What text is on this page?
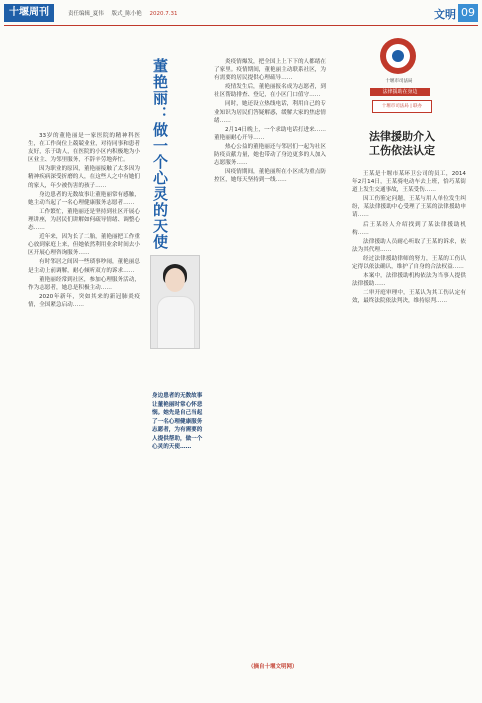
十堰周刊	责任编辑_夏伟 版式_陈小艳 2020.7.31	文明 09

33岁的董艳丽是一家医院的精神科医生，在工作岗位上兢兢业业，对待同事和患者友好，乐于助人，在医院的小区内积极地为小区业主、为邻里服务，不辞辛劳地奔忙。

因为职业的原因，董艳丽接触了太多因为精神疾病深受折磨的人，在这些人之中有她们的家人，年少被伤害的孩子……

身边患者的无数故事让董艳丽常有感触，她主动当起了一名心理健康服务志愿者……

工作繁忙，董艳丽还是坚持到社区开展心理讲座，为居民们讲解如何疏导情绪、调整心态……

近年来，因为长了二胎，董艳丽把工作重心放到家庭上来，但她依然利用业余时间去小区开展心理咨询服务……

有时邻居之间因一些琐事吵闹，董艳丽总是主动上前调解，耐心倾听双方的诉求……

董艳丽经常到社区，参加心理服务活动，作为志愿者，她总是积极主动……

2020年新年，突如其来的新冠肺炎疫情，全国紧急启动……

董艳丽：做一个心灵的天使
身边患者的无数故事让董艳丽时常心怀悲悯。她先是自己当起了一名心理健康服务志愿者，为有需要的人提供帮助，做一个心灵的天使……

炎疫情爆发，把全国上上下下的人都绪在了家里。疫情期间，董艳丽主动联系社区，为有需要的居民提供心理疏导……

疫情发生后，董艳丽报名成为志愿者，到社区帮助排查、登记，在小区门口值守……

同时，她还设立热线电话，利用自己的专业知识为居民们答疑解惑，缓解大家的焦虑情绪……

2月14日晚上，一个求助电话打进来……董艳丽耐心开导……

热心公益的董艳丽还与邻居们一起为社区防疫贡献力量，她也带动了身边更多的人加入志愿服务……

因疫情期间，董艳丽所在小区成为重点防控区，她每天坚持到一线……

（摘自十堰文明网）
十堰市司法局
法律援助在身边
十堰市司法局 | 联办
法律援助介入
工伤依法认定

王某是十堰市某环卫公司的员工，2014年2月14日，王某骑电动车去上班，恰巧某街道上发生交通事故，王某受伤……

因工伤鉴定问题，王某与用人单位发生纠纷，某法律援助中心受理了王某的法律援助申请……

后王某经人介绍找到了某法律援助机构……

法律援助人员耐心听取了王某的诉求，依法为其代理……

经过法律援助律师的努力，王某的工伤认定得以依法确认，维护了自身的合法权益……

本案中，法律援助机构依法为当事人提供法律援助……

二审开庭审理中，王某认为其工伤认定有效，最终法院依法判决，维持原判……
